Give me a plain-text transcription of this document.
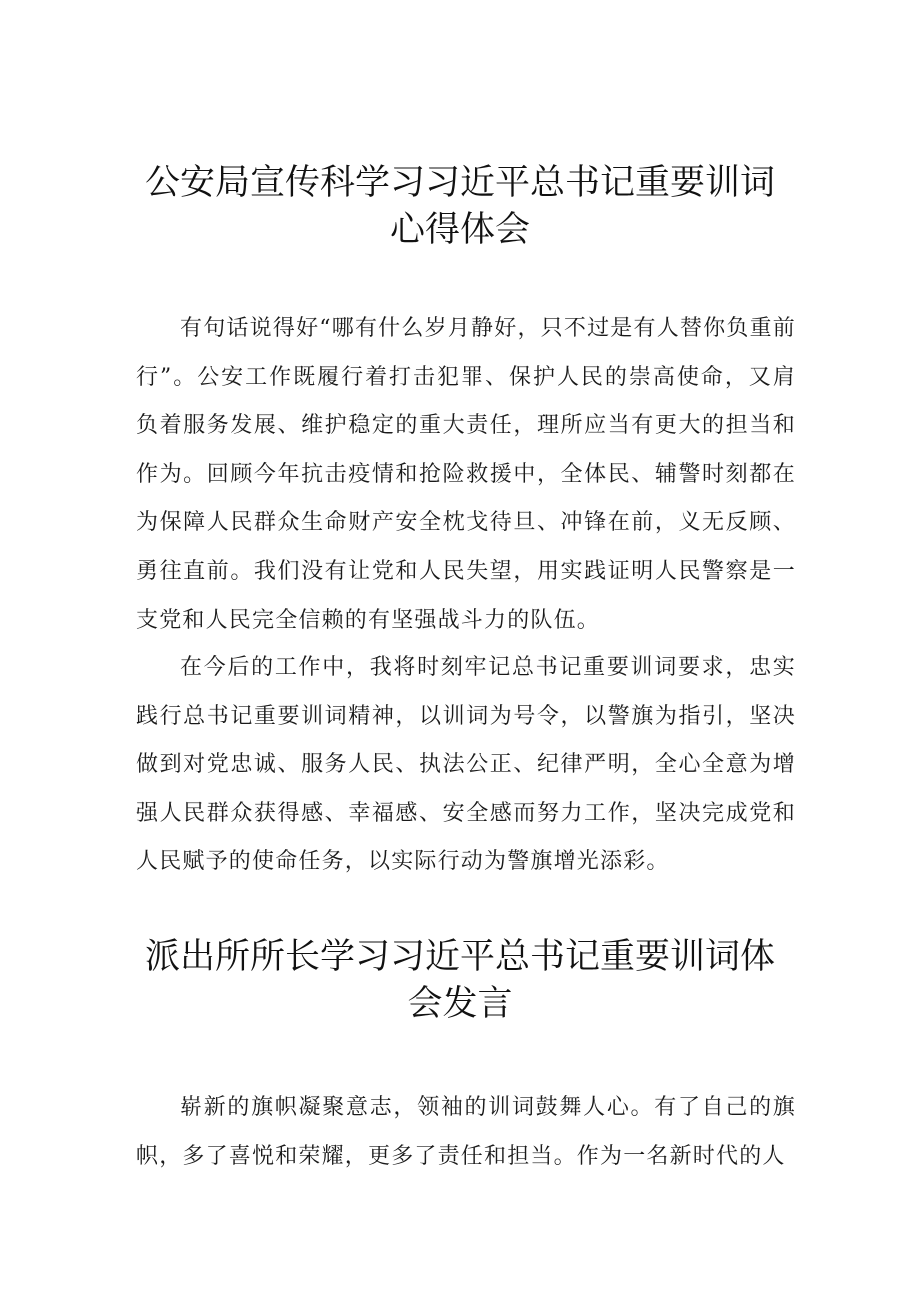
公安局宣传科学习习近平总书记重要训词
心得体会

有句话说得好“哪有什么岁月静好，只不过是有人替你负重前行”。公安工作既履行着打击犯罪、保护人民的崇高使命，又肩负着服务发展、维护稳定的重大责任，理所应当有更大的担当和作为。回顾今年抗击疫情和抢险救援中，全体民、辅警时刻都在为保障人民群众生命财产安全枕戈待旦、冲锋在前，义无反顾、勇往直前。我们没有让党和人民失望，用实践证明人民警察是一支党和人民完全信赖的有坚强战斗力的队伍。

在今后的工作中，我将时刻牢记总书记重要训词要求，忠实践行总书记重要训词精神，以训词为号令，以警旗为指引，坚决做到对党忠诚、服务人民、执法公正、纪律严明，全心全意为增强人民群众获得感、幸福感、安全感而努力工作，坚决完成党和人民赋予的使命任务，以实际行动为警旗增光添彩。

派出所所长学习习近平总书记重要训词体
会发言

崭新的旗帜凝聚意志，领袖的训词鼓舞人心。有了自己的旗帜，多了喜悦和荣耀，更多了责任和担当。作为一名新时代的人
